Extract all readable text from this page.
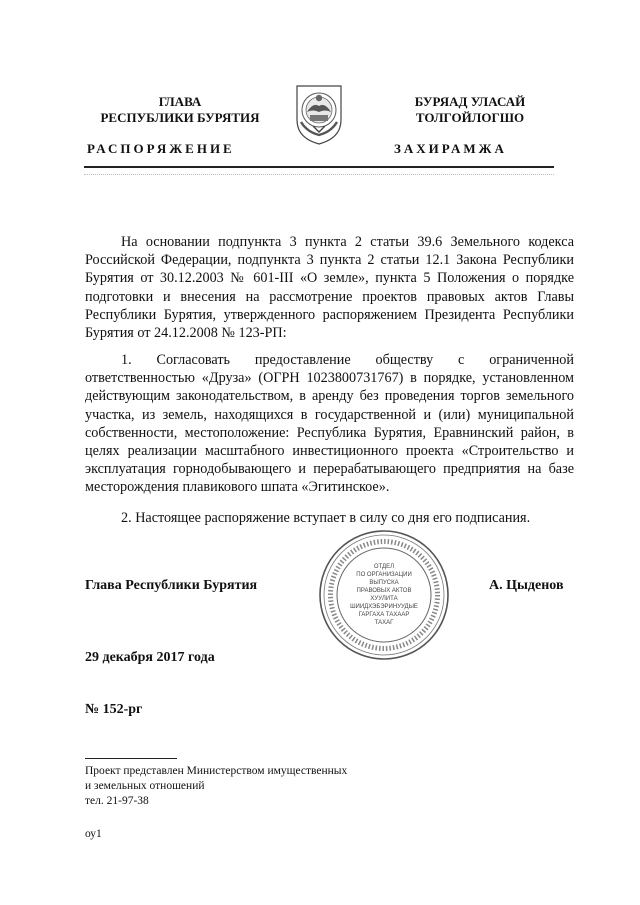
ГЛАВА
РЕСПУБЛИКИ БУРЯТИЯ
БУРЯАД УЛАСАЙ
ТОЛГОЙЛОГШО
РАСПОРЯЖЕНИЕ	ЗАХИРАМЖА
На основании подпункта 3 пункта 2 статьи 39.6 Земельного кодекса Российской Федерации, подпункта 3 пункта 2 статьи 12.1 Закона Республики Бурятия от 30.12.2003 № 601-III «О земле», пункта 5 Положения о порядке подготовки и внесения на рассмотрение проектов правовых актов Главы Республики Бурятия, утвержденного распоряжением Президента Республики Бурятия от 24.12.2008 № 123-РП:
1. Согласовать предоставление обществу с ограниченной ответственностью «Друза» (ОГРН 1023800731767) в порядке, установленном действующим законодательством, в аренду без проведения торгов земельного участка, из земель, находящихся в государственной и (или) муниципальной собственности, местоположение: Республика Бурятия, Еравнинский район, в целях реализации масштабного инвестиционного проекта «Строительство и эксплуатация горнодобывающего и перерабатывающего предприятия на базе месторождения плавикового шпата «Эгитинское».
2. Настоящее распоряжение вступает в силу со дня его подписания.
Глава Республики Бурятия
ОТДЕЛ
ПО ОРГАНИЗАЦИИ
ВЫПУСКА
ПРАВОВЫХ АКТОВ
ХУУЛИТА
ШИИДХЭБЭРИНУУДЫЕ
ГАРГАХА ТАХААР
ТАХАГ
А. Цыденов
29 декабря 2017 года
№ 152-рг
Проект представлен Министерством имущественных
и земельных отношений
тел. 21-97-38
оу1
